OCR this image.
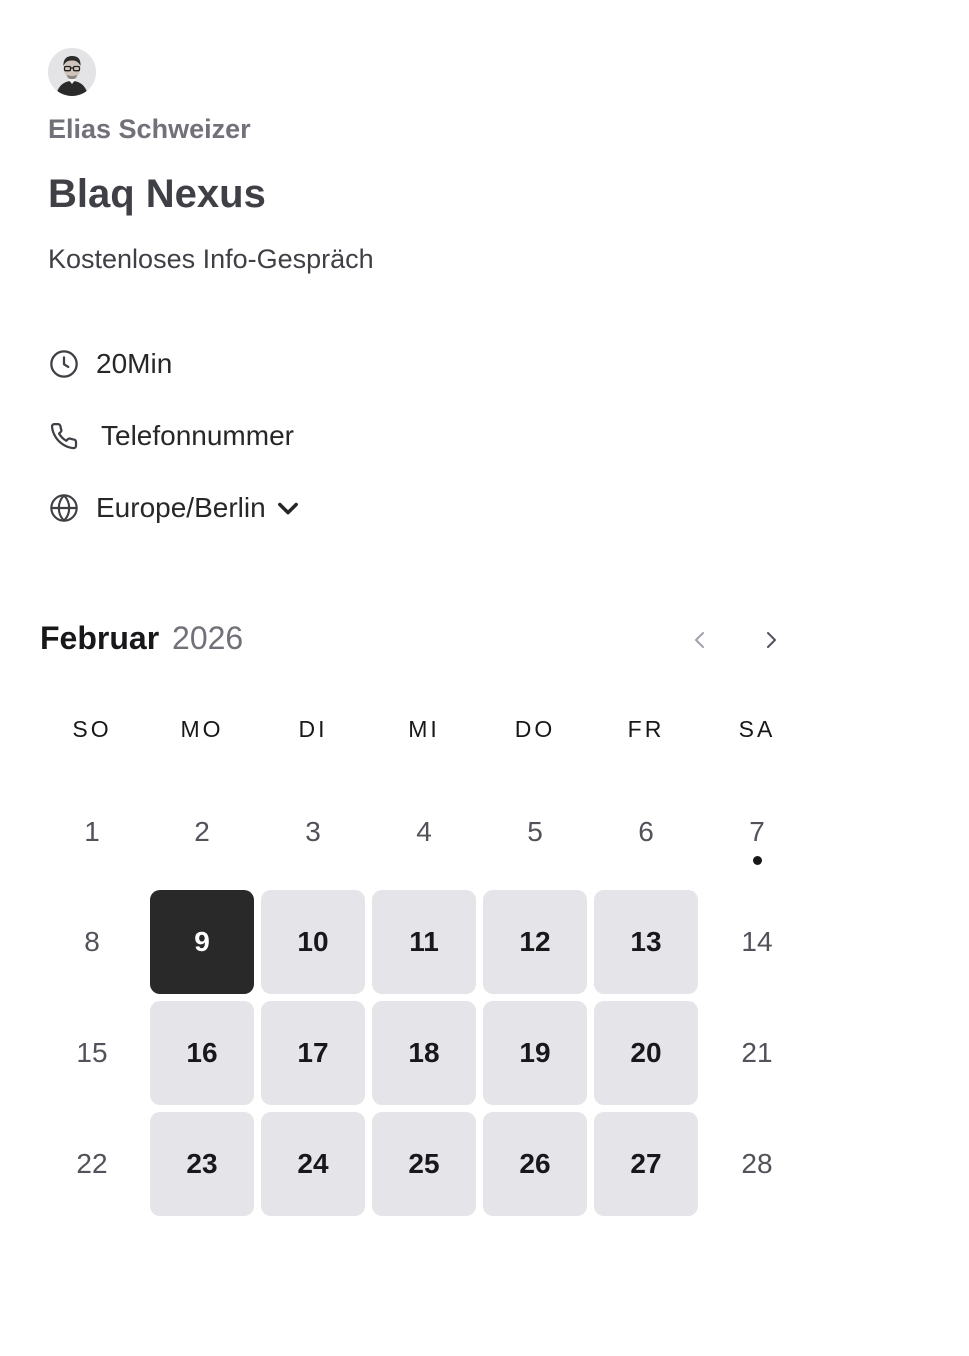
Elias Schweizer
Blaq Nexus
Kostenloses Info-Gespräch
20Min
Telefonnummer
Europe/Berlin
Februar 2026
SO	MO	DI	MI	DO	FR	SA
1	2	3	4	5	6	7
8	9	10	11	12	13	14
15	16	17	18	19	20	21
22	23	24	25	26	27	28
